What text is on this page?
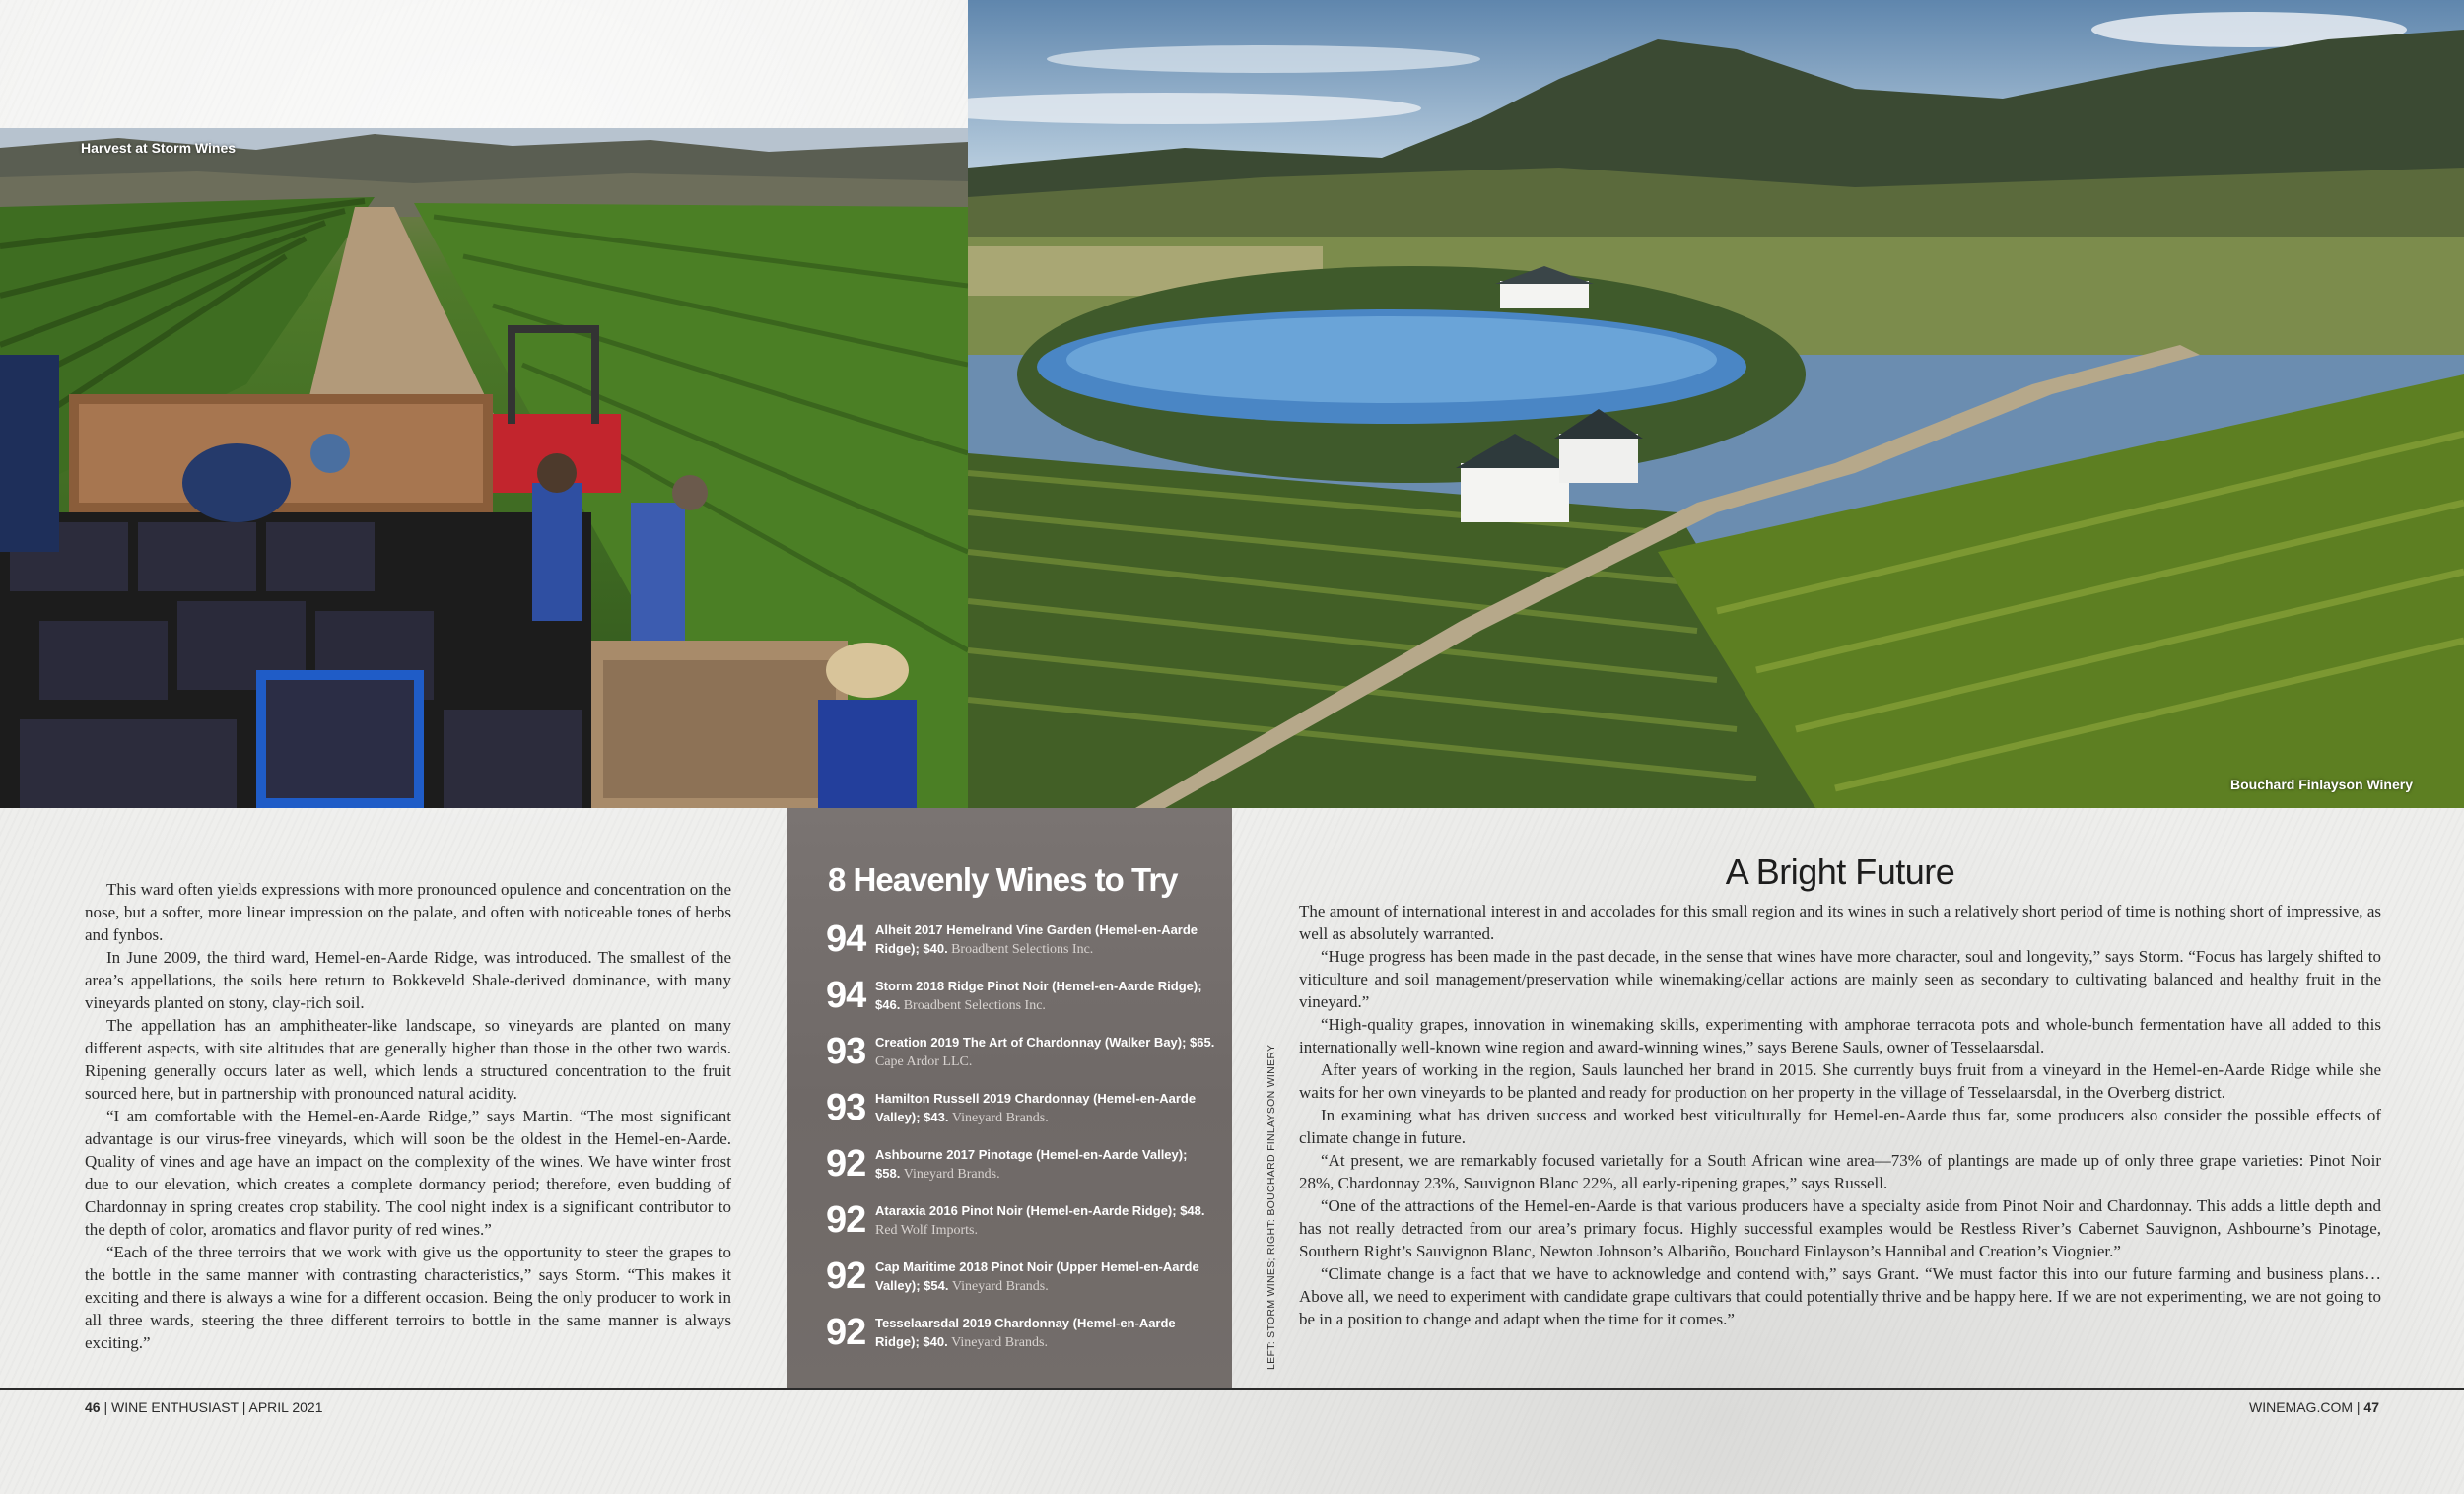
Harvest at Storm Wines
Bouchard Finlayson Winery

This ward often yields expressions with more pronounced opulence and concentration on the nose, but a softer, more linear impression on the palate, and often with noticeable tones of herbs and fynbos.

In June 2009, the third ward, Hemel-en-Aarde Ridge, was introduced. The smallest of the area’s appellations, the soils here return to Bokkeveld Shale-derived dominance, with many vineyards planted on stony, clay-rich soil.

The appellation has an amphitheater-like landscape, so vineyards are planted on many different aspects, with site altitudes that are generally higher than those in the other two wards. Ripening generally occurs later as well, which lends a structured concentration to the fruit sourced here, but in partnership with pronounced natural acidity.

“I am comfortable with the Hemel-en-Aarde Ridge,” says Martin. “The most significant advantage is our virus-free vineyards, which will soon be the oldest in the Hemel-en-Aarde. Quality of vines and age have an impact on the complexity of the wines. We have winter frost due to our elevation, which creates a complete dormancy period; therefore, even budding of Chardonnay in spring creates crop stability. The cool night index is a significant contributor to the depth of color, aromatics and flavor purity of red wines.”

“Each of the three terroirs that we work with give us the opportunity to steer the grapes to the bottle in the same manner with contrasting characteristics,” says Storm. “This makes it exciting and there is always a wine for a different occasion. Being the only producer to work in all three wards, steering the three different terroirs to bottle in the same manner is always exciting.”

8 Heavenly Wines to Try
94 Alheit 2017 Hemelrand Vine Garden (Hemel-en-Aarde Ridge); $40. Broadbent Selections Inc.
94 Storm 2018 Ridge Pinot Noir (Hemel-en-Aarde Ridge); $46. Broadbent Selections Inc.
93 Creation 2019 The Art of Chardonnay (Walker Bay); $65. Cape Ardor LLC.
93 Hamilton Russell 2019 Chardonnay (Hemel-en-Aarde Valley); $43. Vineyard Brands.
92 Ashbourne 2017 Pinotage (Hemel-en-Aarde Valley); $58. Vineyard Brands.
92 Ataraxia 2016 Pinot Noir (Hemel-en-Aarde Ridge); $48. Red Wolf Imports.
92 Cap Maritime 2018 Pinot Noir (Upper Hemel-en-Aarde Valley); $54. Vineyard Brands.
92 Tesselaarsdal 2019 Chardonnay (Hemel-en-Aarde Ridge); $40. Vineyard Brands.	LEFT: STORM WINES; RIGHT: BOUCHARD FINLAYSON WINERY
A Bright Future

The amount of international interest in and accolades for this small region and its wines in such a relatively short period of time is nothing short of impressive, as well as absolutely warranted.

“Huge progress has been made in the past decade, in the sense that wines have more character, soul and longevity,” says Storm. “Focus has largely shifted to viticulture and soil management/preservation while winemaking/cellar actions are mainly seen as secondary to cultivating balanced and healthy fruit in the vineyard.”

“High-quality grapes, innovation in winemaking skills, experimenting with amphorae terracota pots and whole-bunch fermentation have all added to this internationally well-known wine region and award-winning wines,” says Berene Sauls, owner of Tesselaarsdal.

After years of working in the region, Sauls launched her brand in 2015. She currently buys fruit from a vineyard in the Hemel-en-Aarde Ridge while she waits for her own vineyards to be planted and ready for production on her property in the village of Tesselaarsdal, in the Overberg district.

In examining what has driven success and worked best viticulturally for Hemel-en-Aarde thus far, some producers also consider the possible effects of climate change in future.

“At present, we are remarkably focused varietally for a South African wine area—73% of plantings are made up of only three grape varieties: Pinot Noir 28%, Chardonnay 23%, Sauvignon Blanc 22%, all early-ripening grapes,” says Russell.

“One of the attractions of the Hemel-en-Aarde is that various producers have a specialty aside from Pinot Noir and Chardonnay. This adds a little depth and has not really detracted from our area’s primary focus. Highly successful examples would be Restless River’s Cabernet Sauvignon, Ashbourne’s Pinotage, Southern Right’s Sauvignon Blanc, Newton Johnson’s Albariño, Bouchard Finlayson’s Hannibal and Creation’s Viognier.”

“Climate change is a fact that we have to acknowledge and contend with,” says Grant. “We must factor this into our future farming and business plans… Above all, we need to experiment with candidate grape cultivars that could potentially thrive and be happy here. If we are not experimenting, we are not going to be in a position to change and adapt when the time for it comes.”

46 | WINE ENTHUSIAST | APRIL 2021	WINEMAG.COM | 47
